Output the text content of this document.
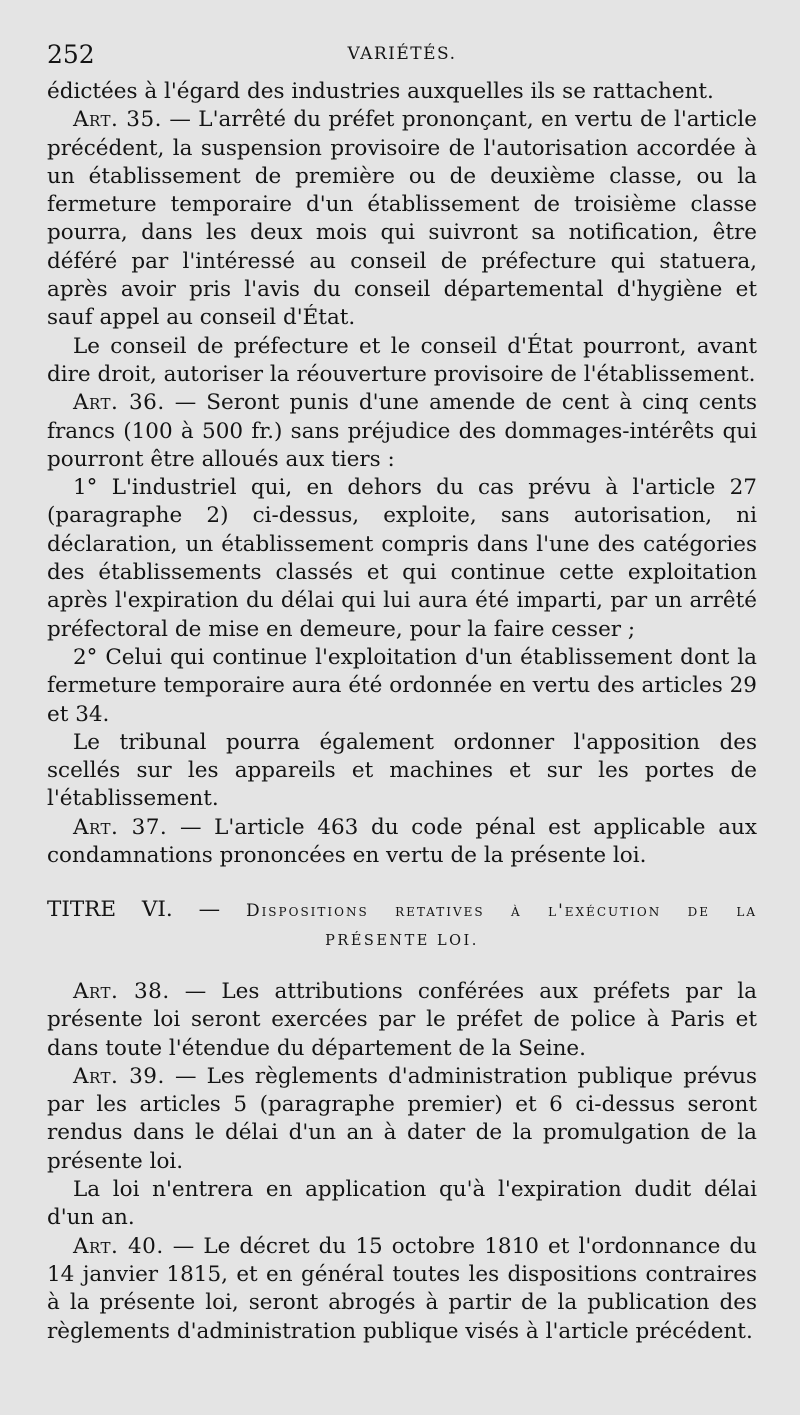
252	VARIÉTÉS.

édictées à l'égard des industries auxquelles ils se rattachent.

Art. 35. — L'arrêté du préfet prononçant, en vertu de l'article précédent, la suspension provisoire de l'autorisation accordée à un établissement de première ou de deuxième classe, ou la fermeture temporaire d'un établissement de troisième classe pourra, dans les deux mois qui suivront sa notification, être déféré par l'intéressé au conseil de préfecture qui statuera, après avoir pris l'avis du conseil départemental d'hygiène et sauf appel au conseil d'État.

Le conseil de préfecture et le conseil d'État pourront, avant dire droit, autoriser la réouverture provisoire de l'établissement.

Art. 36. — Seront punis d'une amende de cent à cinq cents francs (100 à 500 fr.) sans préjudice des dommages-intérêts qui pourront être alloués aux tiers :

1° L'industriel qui, en dehors du cas prévu à l'article 27 (paragraphe 2) ci-dessus, exploite, sans autorisation, ni déclaration, un établissement compris dans l'une des catégories des établissements classés et qui continue cette exploitation après l'expiration du délai qui lui aura été imparti, par un arrêté préfectoral de mise en demeure, pour la faire cesser ;

2° Celui qui continue l'exploitation d'un établissement dont la fermeture temporaire aura été ordonnée en vertu des articles 29 et 34.

Le tribunal pourra également ordonner l'apposition des scellés sur les appareils et machines et sur les portes de l'établissement.

Art. 37. — L'article 463 du code pénal est applicable aux condamnations prononcées en vertu de la présente loi.

TITRE VI. — Dispositions retatives à l'exécution de la
PRÉSENTE LOI.

Art. 38. — Les attributions conférées aux préfets par la présente loi seront exercées par le préfet de police à Paris et dans toute l'étendue du département de la Seine.

Art. 39. — Les règlements d'administration publique prévus par les articles 5 (paragraphe premier) et 6 ci-dessus seront rendus dans le délai d'un an à dater de la promulgation de la présente loi.

La loi n'entrera en application qu'à l'expiration dudit délai d'un an.

Art. 40. — Le décret du 15 octobre 1810 et l'ordonnance du 14 janvier 1815, et en général toutes les dispositions contraires à la présente loi, seront abrogés à partir de la publication des règlements d'administration publique visés à l'article précédent.
